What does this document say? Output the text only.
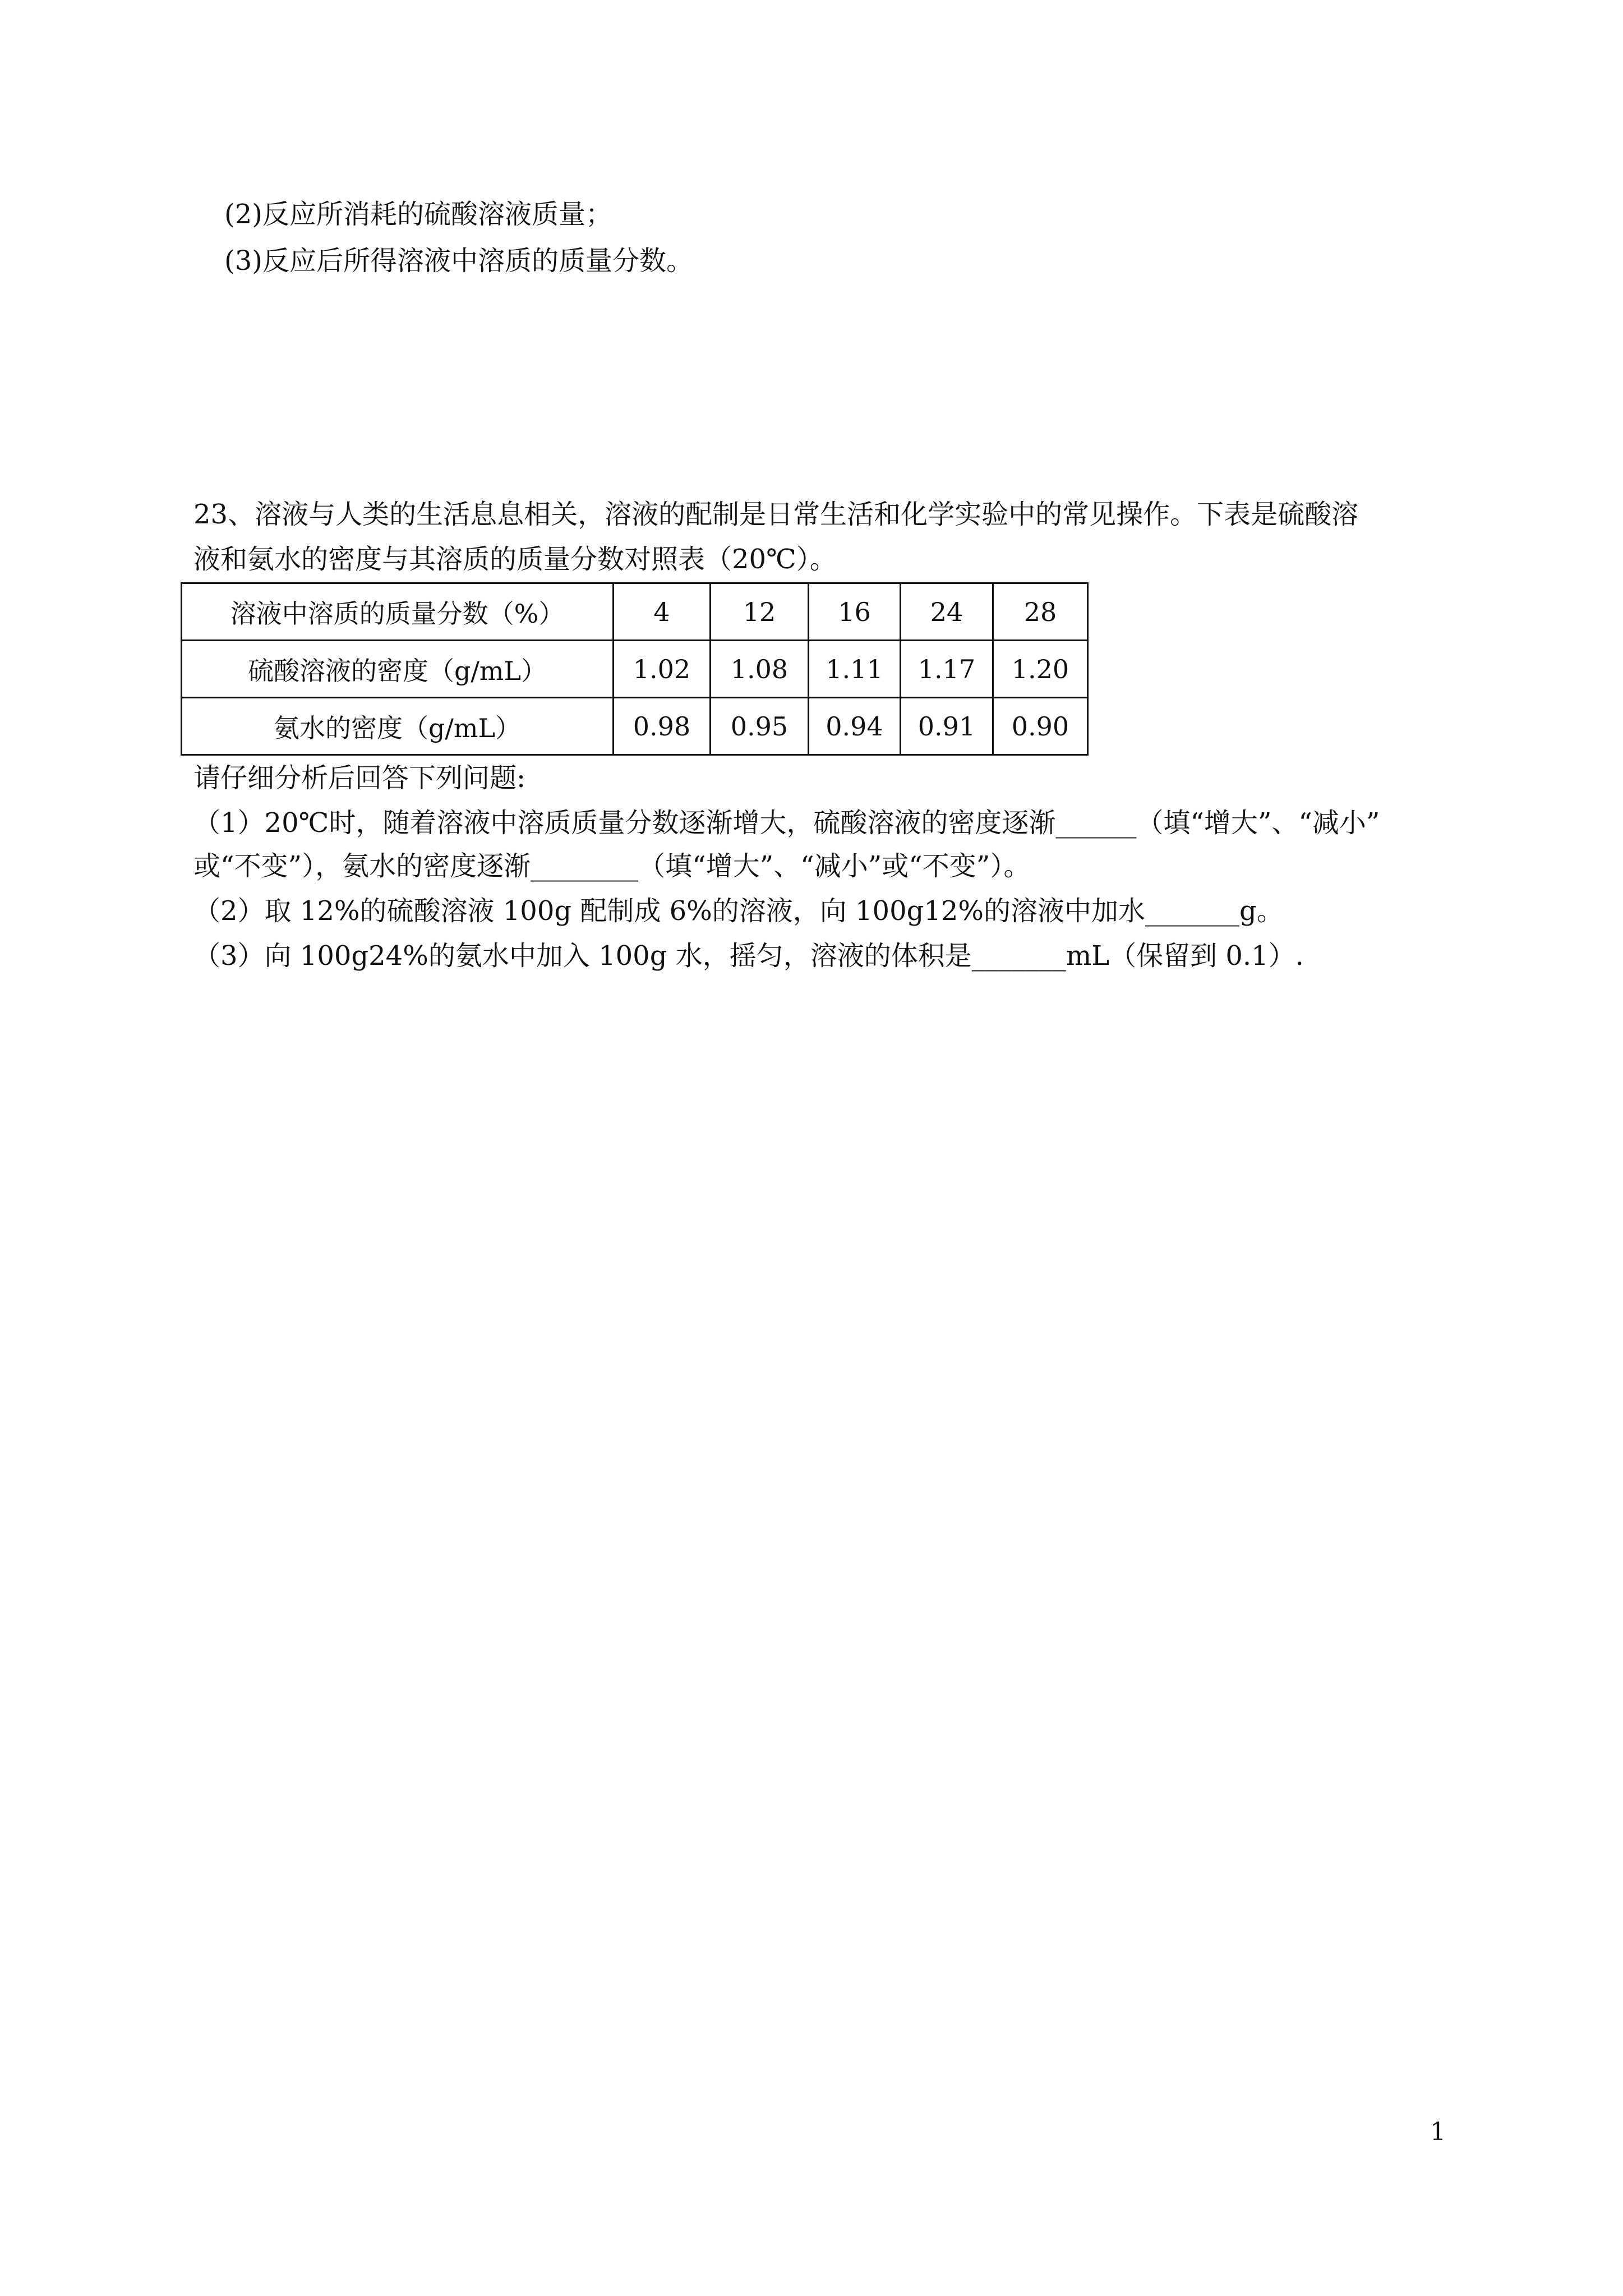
(2)反应所消耗的硫酸溶液质量；
(3)反应后所得溶液中溶质的质量分数。
23、溶液与人类的生活息息相关，溶液的配制是日常生活和化学实验中的常见操作。下表是硫酸溶
液和氨水的密度与其溶质的质量分数对照表（20℃）。
溶液中溶质的质量分数（%）	4	12	16	24	28
硫酸溶液的密度（g/mL）	1.02	1.08	1.11	1.17	1.20
氨水的密度（g/mL）	0.98	0.95	0.94	0.91	0.90
请仔细分析后回答下列问题:
（1）20℃时，随着溶液中溶质质量分数逐渐增大，硫酸溶液的密度逐渐______（填“增大”、“减小”
或“不变”），氨水的密度逐渐________（填“增大”、“减小”或“不变”）。
（2）取 12%的硫酸溶液 100g 配制成 6%的溶液，向 100g12%的溶液中加水_______g。
（3）向 100g24%的氨水中加入 100g 水，摇匀，溶液的体积是_______mL（保留到 0.1）.
1
